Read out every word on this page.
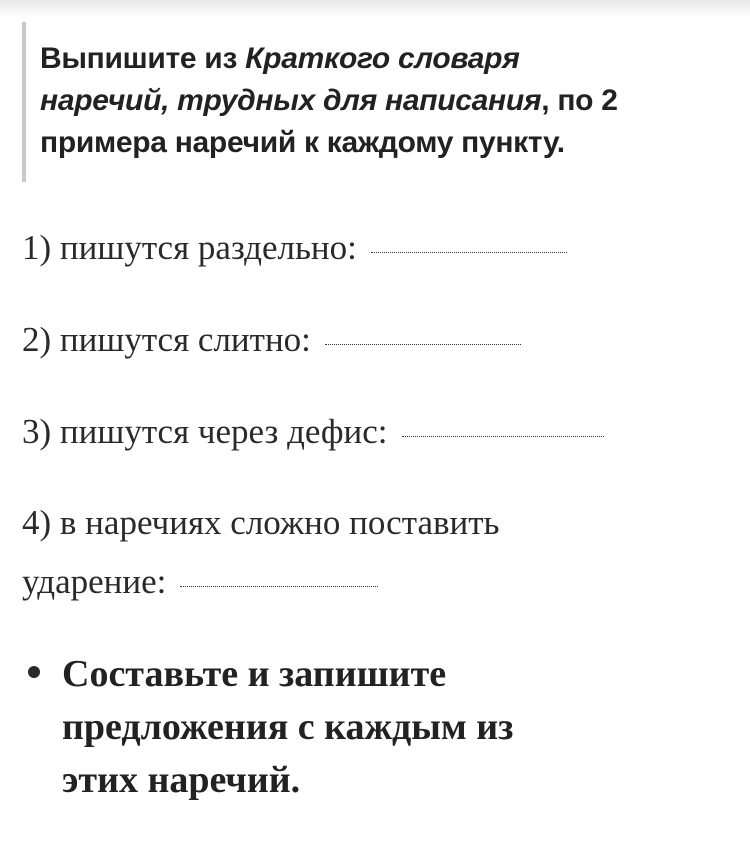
Выпишите из Краткого словаря
наречий, трудных для написания, по 2
примера наречий к каждому пункту.

1) пишутся раздельно:
2) пишутся слитно:
3) пишутся через дефис:
4) в наречиях сложно поставить
ударение:

Составьте и запишите
предложения с каждым из
этих наречий.
